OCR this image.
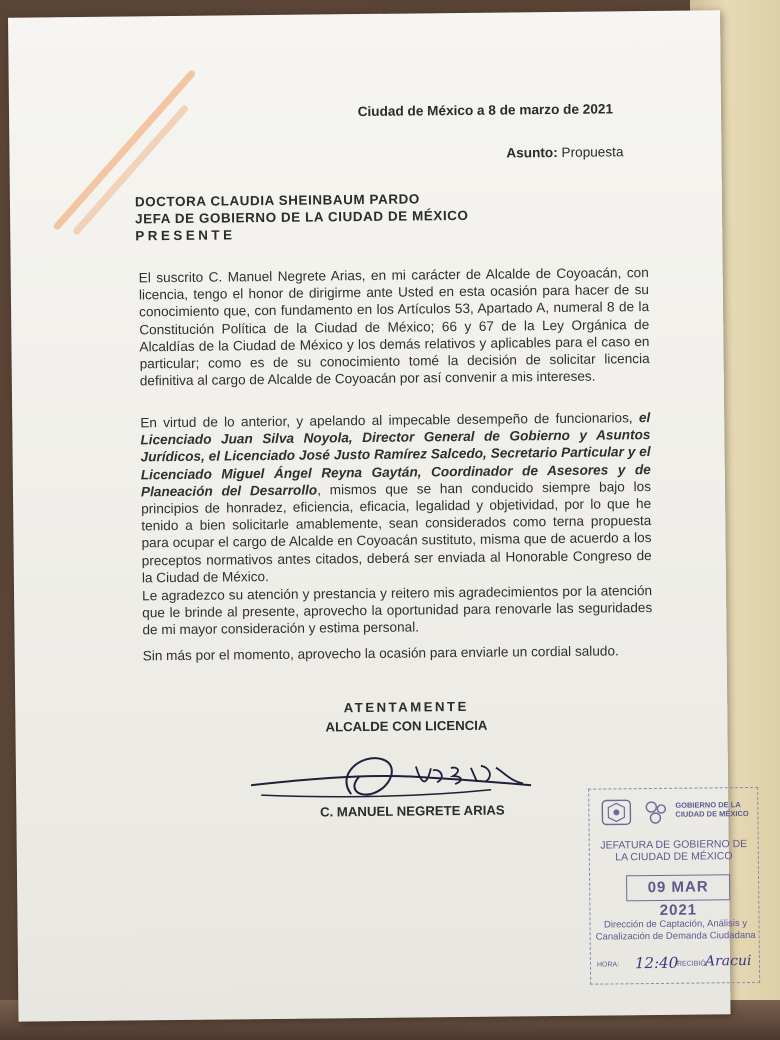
Ciudad de México a 8 de marzo de 2021
Asunto: Propuesta
DOCTORA CLAUDIA SHEINBAUM PARDO
JEFA DE GOBIERNO DE LA CIUDAD DE MÉXICO
PRESENTE

El suscrito C. Manuel Negrete Arias, en mi carácter de Alcalde de Coyoacán, con licencia, tengo el honor de dirigirme ante Usted en esta ocasión para hacer de su conocimiento que, con fundamento en los Artículos 53, Apartado A, numeral 8 de la Constitución Política de la Ciudad de México; 66 y 67 de la Ley Orgánica de Alcaldías de la Ciudad de México y los demás relativos y aplicables para el caso en particular; como es de su conocimiento tomé la decisión de solicitar licencia definitiva al cargo de Alcalde de Coyoacán por así convenir a mis intereses.

En virtud de lo anterior, y apelando al impecable desempeño de funcionarios, el Licenciado Juan Silva Noyola, Director General de Gobierno y Asuntos Jurídicos, el Licenciado José Justo Ramírez Salcedo, Secretario Particular y el Licenciado Miguel Ángel Reyna Gaytán, Coordinador de Asesores y de Planeación del Desarrollo, mismos que se han conducido siempre bajo los principios de honradez, eficiencia, eficacia, legalidad y objetividad, por lo que he tenido a bien solicitarle amablemente, sean considerados como terna propuesta para ocupar el cargo de Alcalde en Coyoacán sustituto, misma que de acuerdo a los preceptos normativos antes citados, deberá ser enviada al Honorable Congreso de la Ciudad de México.

Le agradezco su atención y prestancia y reitero mis agradecimientos por la atención que le brinde al presente, aprovecho la oportunidad para renovarle las seguridades de mi mayor consideración y estima personal.

Sin más por el momento, aprovecho la ocasión para enviarle un cordial saludo.

ATENTAMENTE
ALCALDE CON LICENCIA
C. MANUEL NEGRETE ARIAS	GOBIERNO DE LA CIUDAD DE MÉXICO
JEFATURA DE GOBIERNO DE LA CIUDAD DE MÉXICO
09 MAR 2021
Dirección de Captación, Análisis y Canalización de Demanda Ciudadana
HORA: 12:40
RECIBIÓ:
Aracui
